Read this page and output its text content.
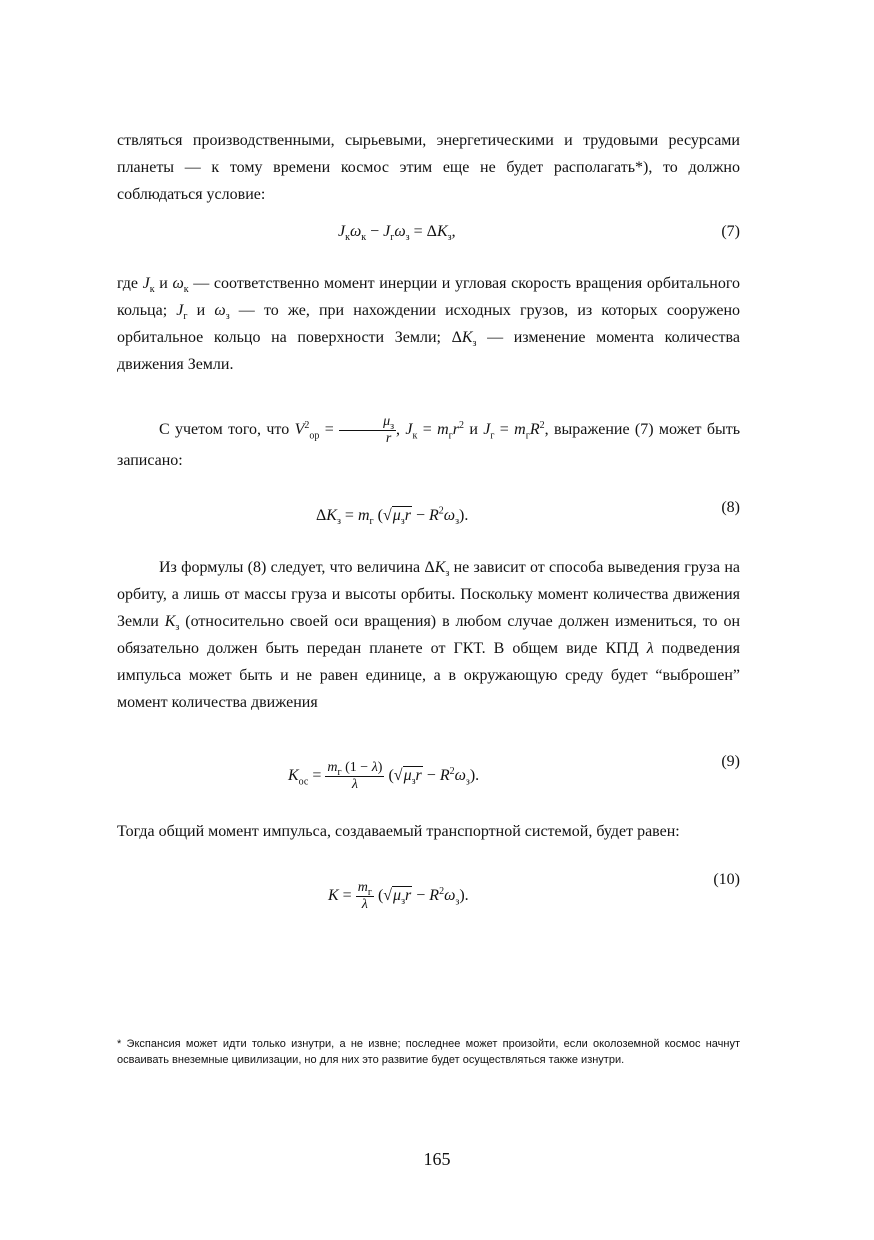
ствляться производственными, сырьевыми, энергетическими и трудовыми ресурсами планеты — к тому времени космос этим еще не будет располагать*), то должно соблюдаться условие:

$J_к\omega_к - J_г\omega_з = \Delta K_з$,	(7)

где $J_к$ и $\omega_к$ — соответственно момент инерции и угловая скорость вращения орбитального кольца; $J_г$ и $\omega_з$ — то же, при нахождении исходных грузов, из которых сооружено орбитальное кольцо на поверхности Земли; $\Delta K_з$ — изменение момента количества движения Земли.

С учетом того, что $V^2_{ор} = \frac{\mu_з}{r}$ , $J_к = m_гr^2$ и $J_г = m_гR^2$, выражение (7) может быть записано:

$\Delta K_з = m_г$ $(√\mu_зr - R^2\omega_з)$.	(8)

Из формулы (8) следует, что величина $\Delta K_з$ не зависит от способа выведения груза на орбиту, а лишь от массы груза и высоты орбиты. Поскольку момент количества движения Земли $K_з$ (относительно своей оси вращения) в любом случае должен измениться, то он обязательно должен быть передан планете от ГКТ. В общем виде КПД λ подведения импульса может быть и не равен единице, а в окружающую среду будет “выброшен” момент количества движения

$K_{ос} = \frac{m_г (1 - \lambda)}{\lambda} (√\mu_зr - R^2\omega_з)$.
(9)

Тогда общий момент импульса, создаваемый транспортной системой, будет равен:

$K = \frac{m_г}{\lambda} (√\mu_зr - R^2\omega_з)$.
(10)
* Экспансия может идти только изнутри, а не извне; последнее может произойти, если околоземной космос начнут осваивать внеземные цивилизации, но для них это развитие будет осуществляться также изнутри.
165
